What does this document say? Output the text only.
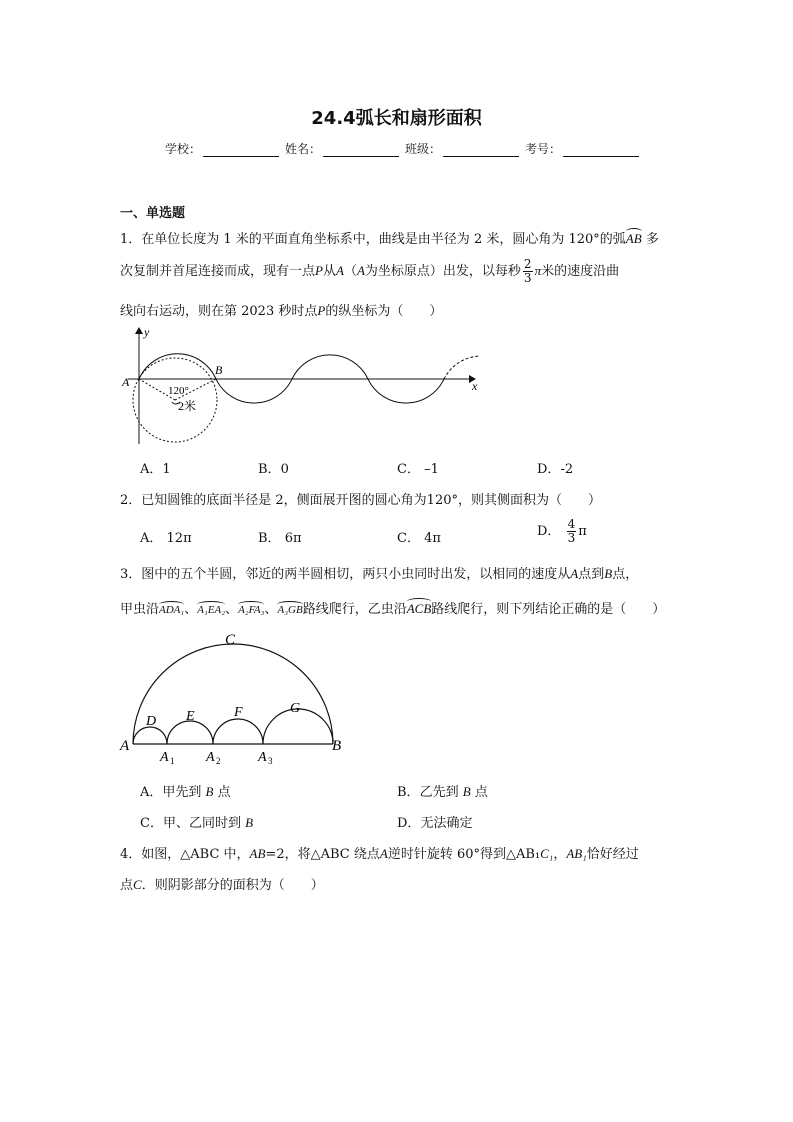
24.4弧长和扇形面积
学校：	姓名：	班级：	考号：
一、单选题
1．在单位长度为 1 米的平面直角坐标系中，曲线是由半径为 2 米，圆心角为 120°的弧AB 多
次复制并首尾连接而成，现有一点P从A（A为坐标原点）出发，以每秒 $\frac{2}{3}$ π米的速度沿曲
线向右运动，则在第 2023 秒时点P的纵坐标为（　　）
y
x
A
B
120°
2米
A．1	B．0	C． –1	D．-2
2．已知圆锥的底面半径是 2，侧面展开图的圆心角为120°，则其侧面积为（　　）
A． 12π	B． 6π	C． 4π	D． $\frac{4}{3}$ π
3．图中的五个半圆，邻近的两半圆相切，两只小虫同时出发，以相同的速度从A点到B点，
甲虫沿ADA₁、A₁EA₂、A₂FA₃、A₃GB路线爬行，乙虫沿ACB路线爬行，则下列结论正确的是（　　）
C
D E	F	G
A	B
A 1 A 2	A 3
A．甲先到 B 点	B．乙先到 B 点
C．甲、乙同时到 B	D．无法确定
4．如图，△ABC 中，AB=2，将△ABC 绕点A逆时针旋转 60°得到△AB₁C₁，AB₁恰好经过
点C．则阴影部分的面积为（　　）
